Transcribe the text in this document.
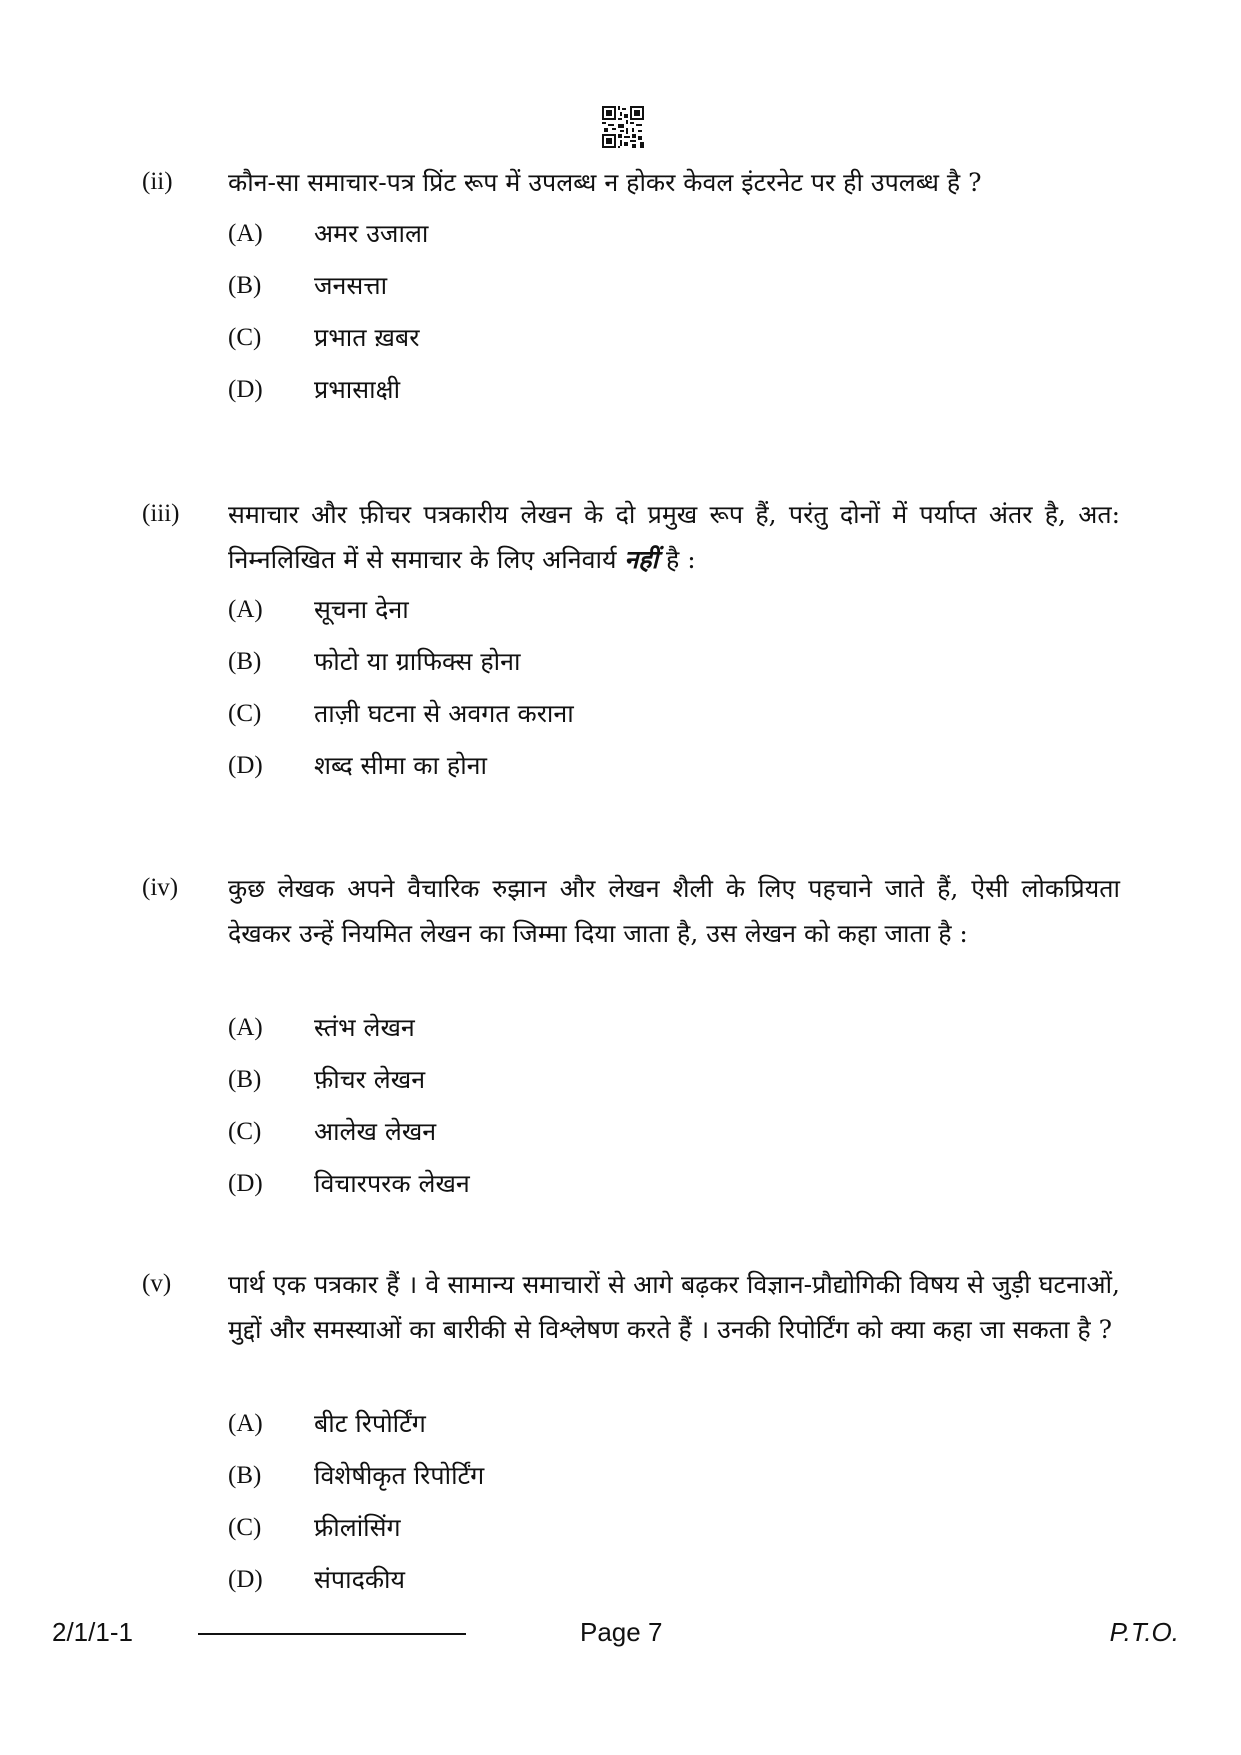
(ii) कौन-सा समाचार-पत्र प्रिंट रूप में उपलब्ध न होकर केवल इंटरनेट पर ही उपलब्ध है ?
(A) अमर उजाला
(B) जनसत्ता
(C) प्रभात ख़बर
(D) प्रभासाक्षी
(iii) समाचार और फ़ीचर पत्रकारीय लेखन के दो प्रमुख रूप हैं, परंतु दोनों में पर्याप्त अंतर है, अत: निम्नलिखित में से समाचार के लिए अनिवार्य नहीं है :
(A) सूचना देना
(B) फोटो या ग्राफिक्स होना
(C) ताज़ी घटना से अवगत कराना
(D) शब्द सीमा का होना
(iv) कुछ लेखक अपने वैचारिक रुझान और लेखन शैली के लिए पहचाने जाते हैं, ऐसी लोकप्रियता देखकर उन्हें नियमित लेखन का जिम्मा दिया जाता है, उस लेखन को कहा जाता है :
(A) स्तंभ लेखन
(B) फ़ीचर लेखन
(C) आलेख लेखन
(D) विचारपरक लेखन
(v) पार्थ एक पत्रकार हैं । वे सामान्य समाचारों से आगे बढ़कर विज्ञान-प्रौद्योगिकी विषय से जुड़ी घटनाओं, मुद्दों और समस्याओं का बारीकी से विश्लेषण करते हैं । उनकी रिपोर्टिंग को क्या कहा जा सकता है ?
(A) बीट रिपोर्टिंग
(B) विशेषीकृत रिपोर्टिंग
(C) फ्रीलांसिंग
(D) संपादकीय
2/1/1-1	Page 7	P.T.O.
